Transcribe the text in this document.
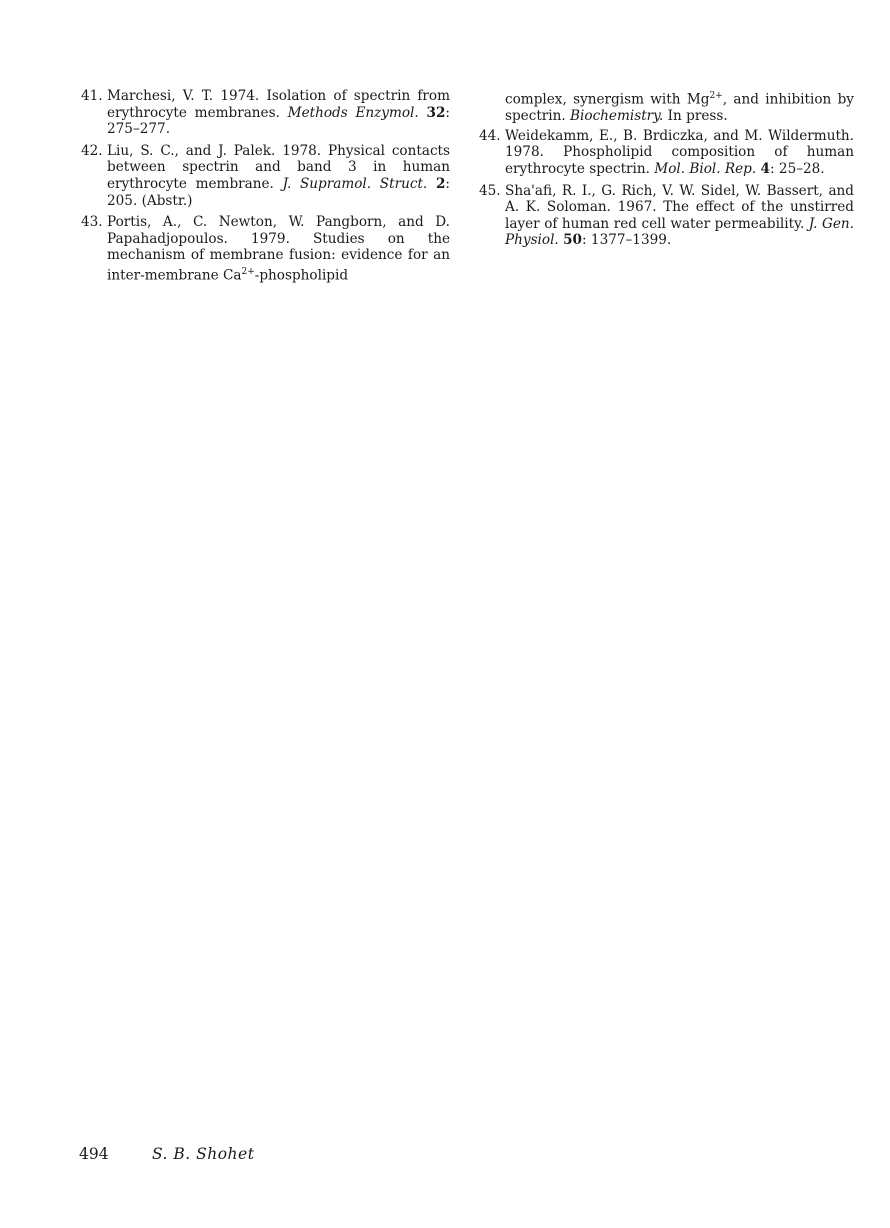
41. Marchesi, V. T. 1974. Isolation of spectrin from erythrocyte membranes. Methods Enzymol. 32: 275–277.
42. Liu, S. C., and J. Palek. 1978. Physical contacts between spectrin and band 3 in human erythrocyte membrane. J. Supramol. Struct. 2: 205. (Abstr.)
43. Portis, A., C. Newton, W. Pangborn, and D. Papahadjopoulos. 1979. Studies on the mechanism of membrane fusion: evidence for an inter-membrane $Ca^{2+}$-phospholipid
complex, synergism with $Mg^{2+}$, and inhibition by spectrin. Biochemistry. In press.
44. Weidekamm, E., B. Brdiczka, and M. Wildermuth. 1978. Phospholipid composition of human erythrocyte spectrin. Mol. Biol. Rep. 4: 25–28.
45. Sha'afi, R. I., G. Rich, V. W. Sidel, W. Bassert, and A. K. Soloman. 1967. The effect of the unstirred layer of human red cell water permeability. J. Gen. Physiol. 50: 1377–1399.
494	S. B. Shohet
